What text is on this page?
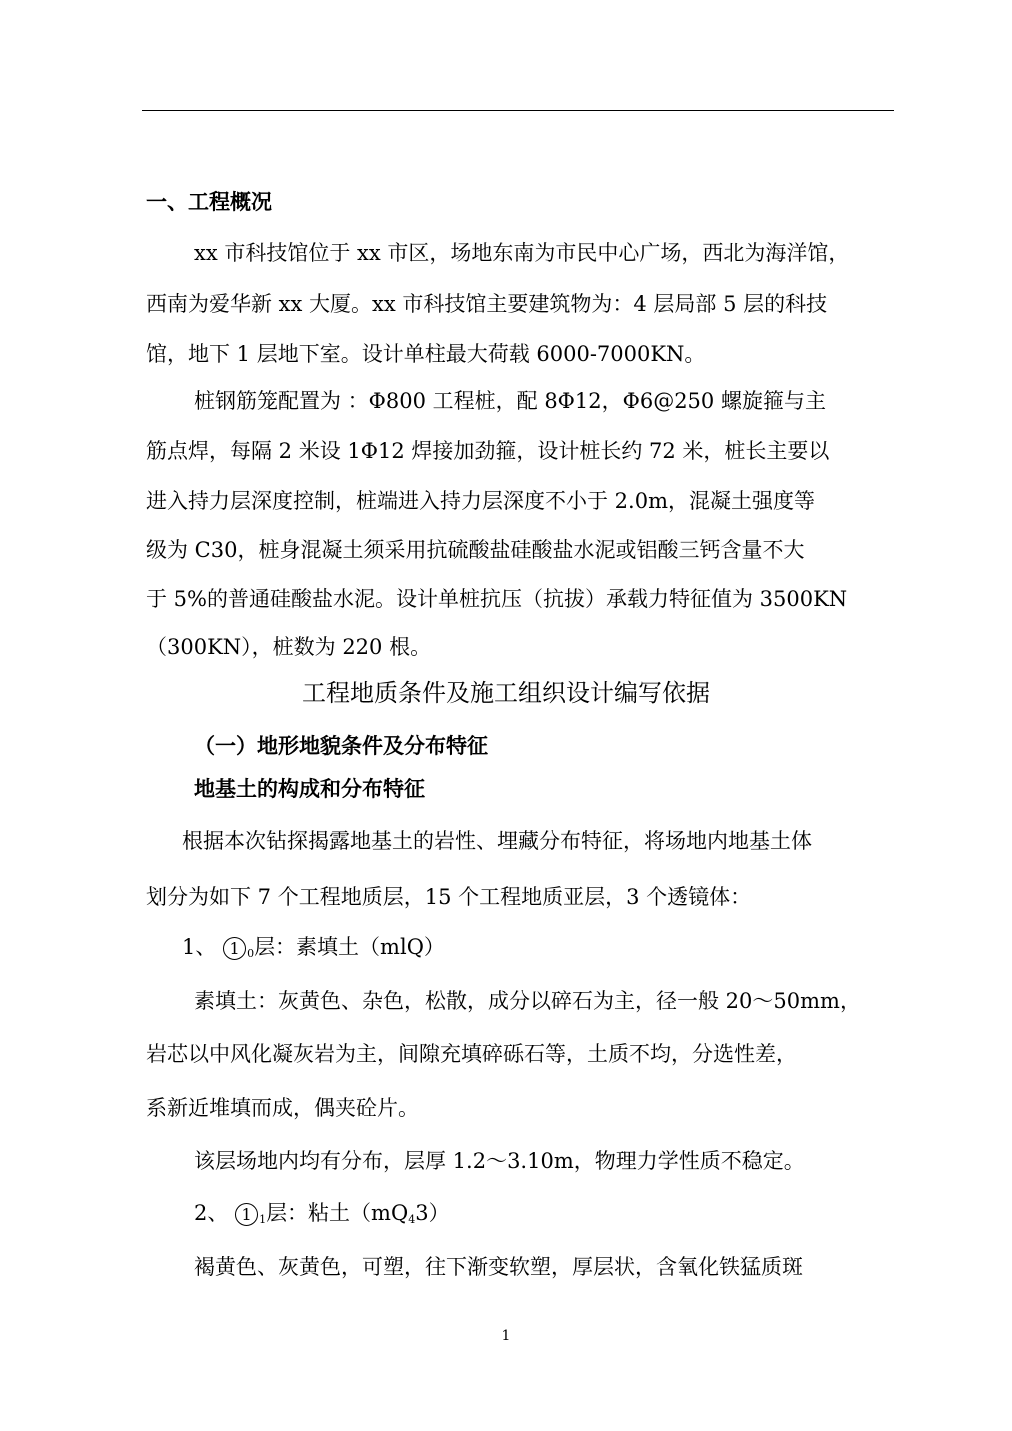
一、工程概况
xx 市科技馆位于 xx 市区，场地东南为市民中心广场，西北为海洋馆，
西南为爱华新 xx 大厦。xx 市科技馆主要建筑物为：4 层局部 5 层的科技
馆，地下 1 层地下室。设计单柱最大荷载 6000-7000KN。
桩钢筋笼配置为 ：Φ800 工程桩，配 8Φ12，Φ6@250 螺旋箍与主
筋点焊，每隔 2 米设 1Φ12 焊接加劲箍，设计桩长约 72 米，桩长主要以
进入持力层深度控制，桩端进入持力层深度不小于 2.0m，混凝土强度等
级为 C30，桩身混凝土须采用抗硫酸盐硅酸盐水泥或铝酸三钙含量不大
于 5%的普通硅酸盐水泥。设计单桩抗压（抗拔）承载力特征值为 3500KN
（300KN），桩数为 220 根。
工程地质条件及施工组织设计编写依据
（一）地形地貌条件及分布特征
地基土的构成和分布特征
根据本次钻探揭露地基土的岩性、埋藏分布特征，将场地内地基土体
划分为如下 7 个工程地质层，15 个工程地质亚层，3 个透镜体：
1、 1 $_0$层：素填土（mlQ）
素填土：灰黄色、杂色，松散，成分以碎石为主，径一般 20～50mm，
岩芯以中风化凝灰岩为主，间隙充填碎砾石等，土质不均，分选性差，
系新近堆填而成，偶夹砼片。
该层场地内均有分布，层厚 1.2～3.10m，物理力学性质不稳定。
2、 1 $_1$层：粘土$(mQ_43)$
褐黄色、灰黄色，可塑，往下渐变软塑，厚层状，含氧化铁猛质斑
1
